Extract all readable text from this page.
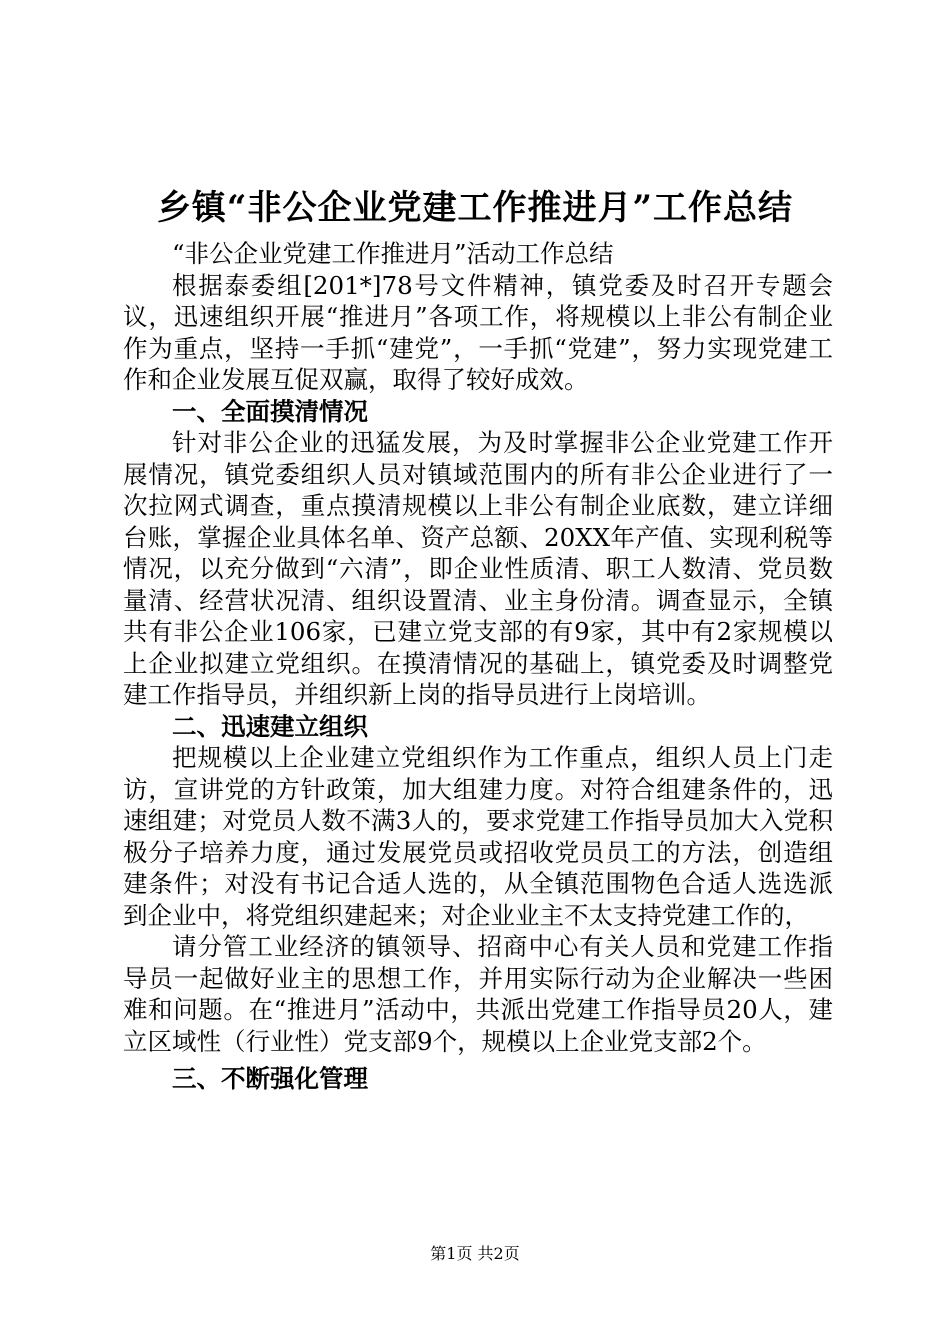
乡镇“非公企业党建工作推进月”工作总结

“非公企业党建工作推进月”活动工作总结

根据泰委组[201*]78号文件精神，镇党委及时召开专题会议，迅速组织开展“推进月”各项工作，将规模以上非公有制企业作为重点，坚持一手抓“建党”，一手抓“党建”，努力实现党建工作和企业发展互促双赢，取得了较好成效。

一、全面摸清情况

针对非公企业的迅猛发展，为及时掌握非公企业党建工作开展情况，镇党委组织人员对镇域范围内的所有非公企业进行了一次拉网式调查，重点摸清规模以上非公有制企业底数，建立详细台账，掌握企业具体名单、资产总额、20XX年产值、实现利税等情况，以充分做到“六清”，即企业性质清、职工人数清、党员数量清、经营状况清、组织设置清、业主身份清。调查显示，全镇共有非公企业106家，已建立党支部的有9家，其中有2家规模以上企业拟建立党组织。在摸清情况的基础上，镇党委及时调整党建工作指导员，并组织新上岗的指导员进行上岗培训。

二、迅速建立组织

把规模以上企业建立党组织作为工作重点，组织人员上门走访，宣讲党的方针政策，加大组建力度。对符合组建条件的，迅速组建；对党员人数不满3人的，要求党建工作指导员加大入党积极分子培养力度，通过发展党员或招收党员员工的方法，创造组建条件；对没有书记合适人选的，从全镇范围物色合适人选选派到企业中，将党组织建起来；对企业业主不太支持党建工作的，

请分管工业经济的镇领导、招商中心有关人员和党建工作指导员一起做好业主的思想工作，并用实际行动为企业解决一些困难和问题。在“推进月”活动中，共派出党建工作指导员20人，建立区域性（行业性）党支部9个，规模以上企业党支部2个。

三、不断强化管理
第1页 共2页
